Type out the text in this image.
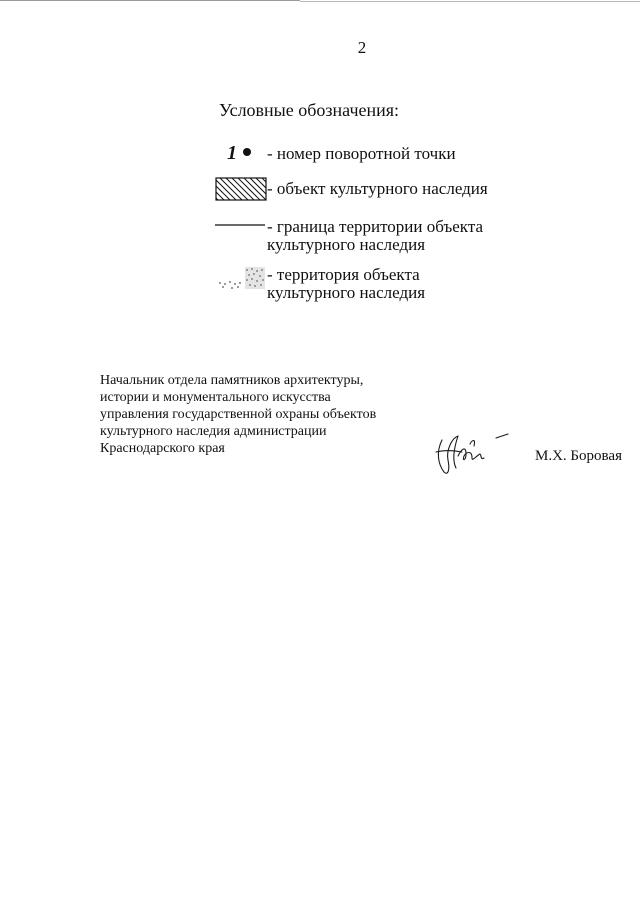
2
Условные обозначения:
1	- номер поворотной точки
- объект культурного наследия
- граница территории объекта
культурного наследия
- территория объекта
культурного наследия
Начальник отдела памятников архитектуры,
истории и монументального искусства
управления государственной охраны объектов
культурного наследия администрации
Краснодарского края	М.Х. Боровая
